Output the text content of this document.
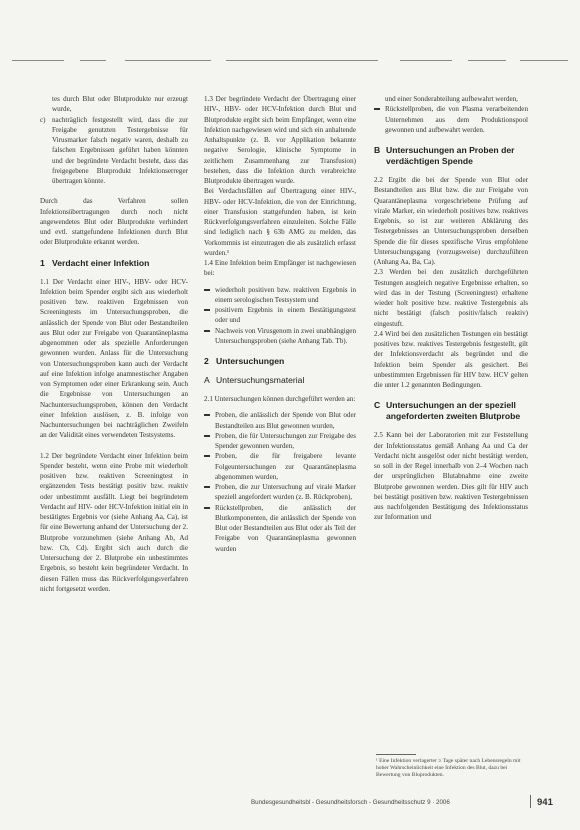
tes durch Blut oder Blutprodukte nur erzeugt wurde,

c) nachträglich festgestellt wird, dass die zur Freigabe genutzten Testergebnisse für Virusmarker falsch negativ waren, deshalb zu falschen Ergebnissen geführt haben könnten und der begründete Verdacht besteht, dass das freigegebene Blutprodukt Infektionserreger übertragen könnte.

Durch das Verfahren sollen Infektionsübertragungen durch noch nicht angewendetes Blut oder Blutprodukte verhindert und evtl. stattgefundene Infektionen durch Blut oder Blutprodukte erkannt werden.

1 Verdacht einer Infektion

1.1 Der Verdacht einer HIV-, HBV- oder HCV-Infektion beim Spender ergibt sich aus wiederholt positiven bzw. reaktiven Ergebnissen von Screeningtests im Untersuchungsproben, die anlässlich der Spende von Blut oder Bestandteilen aus Blut oder zur Freigabe von Quarantäneplasma abgenommen oder als spezielle Anforderungen gewonnen wurden. Anlass für die Untersuchung von Untersuchungsproben kann auch der Verdacht auf eine Infektion infolge anamnestischer Angaben von Symptomen oder einer Erkrankung sein. Auch die Ergebnisse von Untersuchungen an Nachuntersuchungsproben, können den Verdacht einer Infektion auslösen, z. B. infolge von Nachuntersuchungen bei nachträglichen Zweifeln an der Validität eines verwendeten Testsystems.

1.2 Der begründete Verdacht einer Infektion beim Spender besteht, wenn eine Probe mit wiederholt positiven bzw. reaktiven Screeningtest in ergänzenden Tests bestätigt positiv bzw. reaktiv oder unbestimmt ausfällt. Liegt bei begründetem Verdacht auf HIV- oder HCV-Infektion initial ein in bestätigtes Ergebnis vor (siehe Anhang Aa, Ca), ist für eine Bewertung anhand der Untersuchung der 2. Blutprobe vorzunehmen (siehe Anhang Ab, Ad bzw. Cb, Cd). Ergibt sich auch durch die Untersuchung der 2. Blutprobe ein unbestimmtes Ergebnis, so besteht kein begründeter Verdacht. In diesen Fällen muss das Rückverfolgungsverfahren nicht fortgesetzt werden.

1.3 Der begründete Verdacht der Übertragung einer HIV-, HBV- oder HCV-Infektion durch Blut und Blutprodukte ergibt sich beim Empfänger, wenn eine Infektion nachgewiesen wird und sich ein anhaltende Anhaltspunkte (z. B. vor Applikation bekannte negative Serologie, klinische Symptome in zeitlichem Zusammenhang zur Transfusion) bestehen, dass die Infektion durch verabreichte Blutprodukte übertragen wurde.

Bei Verdachtsfällen auf Übertragung einer HIV-, HBV- oder HCV-Infektion, die von der Einrichtung, einer Transfusion stattgefunden haben, ist kein Rückverfolgungsverfahren einzuleiten. Solche Fälle sind lediglich nach § 63b AMG zu melden, das Vorkommnis ist einzutragen die als zusätzlich erfasst wurden.¹

1.4 Eine Infektion beim Empfänger ist nachgewiesen bei:

wiederholt positiven bzw. reaktiven Ergebnis in einem serologischen Testsystem und
positivem Ergebnis in einem Bestätigungstest oder und
Nachweis von Virusgenom in zwei unabhängigen Untersuchungsproben (siehe Anhang Tab. Tb).
2 Untersuchungen
A Untersuchungsmaterial

2.1 Untersuchungen können durchgeführt werden an:

Proben, die anlässlich der Spende von Blut oder Bestandteilen aus Blut gewonnen wurden,
Proben, die für Untersuchungen zur Freigabe des Spender gewonnen wurden,
Proben, die für freigabere levante Folgeuntersuchungen zur Quarantäneplasma abgenommen wurden,
Proben, die zur Untersuchung auf virale Marker speziell angefordert wurden (z. B. Rückproben),
Rückstellproben, die anlässlich der Blutkomponenten, die anlässlich der Spende von Blut oder Bestandteilen aus Blut oder als Teil der Freigabe von Quarantäneplasma gewonnen wurden

und einer Sonderabteilung aufbewahrt werden,

Rückstellproben, die von Plasma verarbeitenden Unternehmen aus dem Produktionspool gewonnen und aufbewahrt werden.
B Untersuchungen an Proben der verdächtigen Spende

2.2 Ergibt die bei der Spende von Blut oder Bestandteilen aus Blut bzw. die zur Freigabe von Quarantäneplasma vorgeschriebene Prüfung auf virale Marker, ein wiederholt positives bzw. reaktives Ergebnis, so ist zur weiteren Abklärung des Testergebnisses an Untersuchungsproben derselben Spende die für dieses spezifische Virus empfohlene Untersuchungsgang (vorzugsweise) durchzuführen (Anhang Aa, Ba, Ca).

2.3 Werden bei den zusätzlich durchgeführten Testungen ausgleich negative Ergebnisse erhalten, so wird das in der Testung (Screeningtest) erhaltene wieder holt positive bzw. reaktive Testergebnis als nicht bestätigt (falsch positiv/falsch reaktiv) eingestuft.

2.4 Wird bei den zusätzlichen Testungen ein bestätigt positives bzw. reaktives Testergebnis festgestellt, gilt der Infektionsverdacht als begründet und die Infektion beim Spender als gesichert. Bei unbestimmten Ergebnissen für HIV bzw. HCV gelten die unter 1.2 genannten Bedingungen.

C Untersuchungen an der speziell angeforderten zweiten Blutprobe

2.5 Kann bei der Laboratorien mit zur Feststellung der Infektionsstatus gemäß Anhang Aa und Ca der Verdacht nicht ausgelöst oder nicht bestätigt werden, so soll in der Regel innerhalb von 2–4 Wochen nach der ursprünglichen Blutabnahme eine zweite Blutprobe gewonnen werden. Dies gilt für HIV auch bei bestätigt positiven bzw. reaktiven Testergebnissen aus nachfolgenden Bestätigung des Infektionsstatus zur Information und

¹ Eine Infektion verlagerter ≥ Tage später nach Lebensregeln mit hoher Wahrscheinlichkeit eine Infektion des Blut, dazu bei Bewertung von Bluprodukten.
Bundesgesundheitsbl - Gesundheitsforsch - Gesundheitsschutz 9 · 2006	941
